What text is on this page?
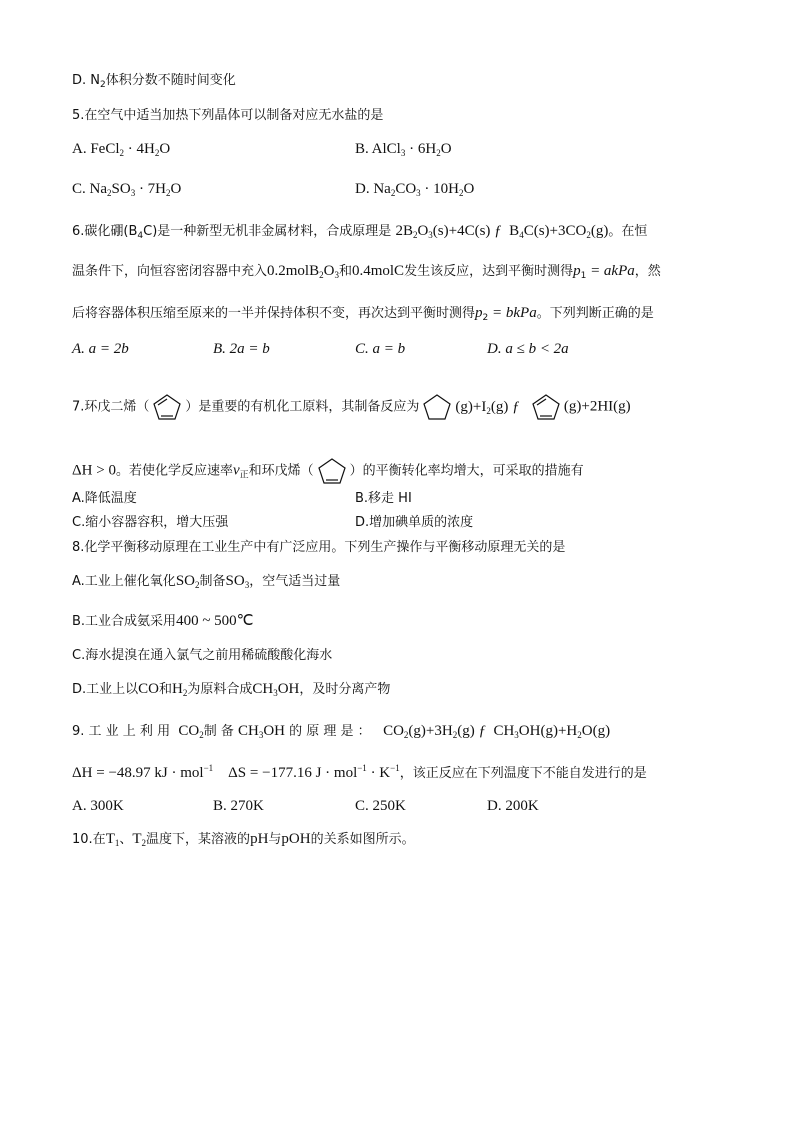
D. $N_2$体积分数不随时间变化
5.在空气中适当加热下列晶体可以制备对应无水盐的是
A. FeCl$_2$ · $4H_2O$	B. AlCl$_3$ · $6H_2O$
C. $Na_2SO_3 \cdot 7H_2O$	D. $Na_2CO_3 \cdot 10H_2O$
6.碳化硼$(B_4C)$是一种新型无机非金属材料，合成原理是 $2B_2O_3(s)+4C(s)$ ƒ $B_4C(s)+3CO_2(g)$。在恒
温条件下，向恒容密闭容器中充入$0.2molB_2O_3$和0.4molC发生该反应，达到平衡时测得$p_1$ = akPa，然
后将容器体积压缩至原来的一半并保持体积不变，再次达到平衡时测得$p_2$ = bkPa。下列判断正确的是
A. a = 2b	B. 2a = b	C. a = b	D. a ≤ b < 2a
7.环戊二烯（	）是重要的有机化工原料，其制备反应为 $(g)+I_2(g)$ ƒ	(g)+2HI(g)
ΔH > 0。若使化学反应速率$v_正$和环戊烯（	）的平衡转化率均增大，可采取的措施有
A.降低温度	B.移走 HI
C.缩小容器容积，增大压强	D.增加碘单质的浓度
8.化学平衡移动原理在工业生产中有广泛应用。下列生产操作与平衡移动原理无关的是
A.工业上催化氧化$SO_2$制备$SO_3$，空气适当过量
B.工业合成氨采用400 ~ 500℃
C.海水提溴在通入氯气之前用稀硫酸酸化海水
D.工业上以CO和$H_2$为原料合成$CH_3OH$，及时分离产物
9. 工 业 上 利 用 $CO_2$制 备 $CH_3OH$ 的 原 理 是 ： $CO_2(g)+3H_2(g)$ ƒ $CH_3OH(g)+H_2O(g)$
ΔH = −48.97 kJ · mol$^{-1}$ ΔS = −177.16 $J \cdot mol^{-1} \cdot K^{-1}$，该正反应在下列温度下不能自发进行的是
A. 300K	B. 270K	C. 250K	D. 200K
10.在$T_1$、$T_2$温度下，某溶液的pH与pOH的关系如图所示。
